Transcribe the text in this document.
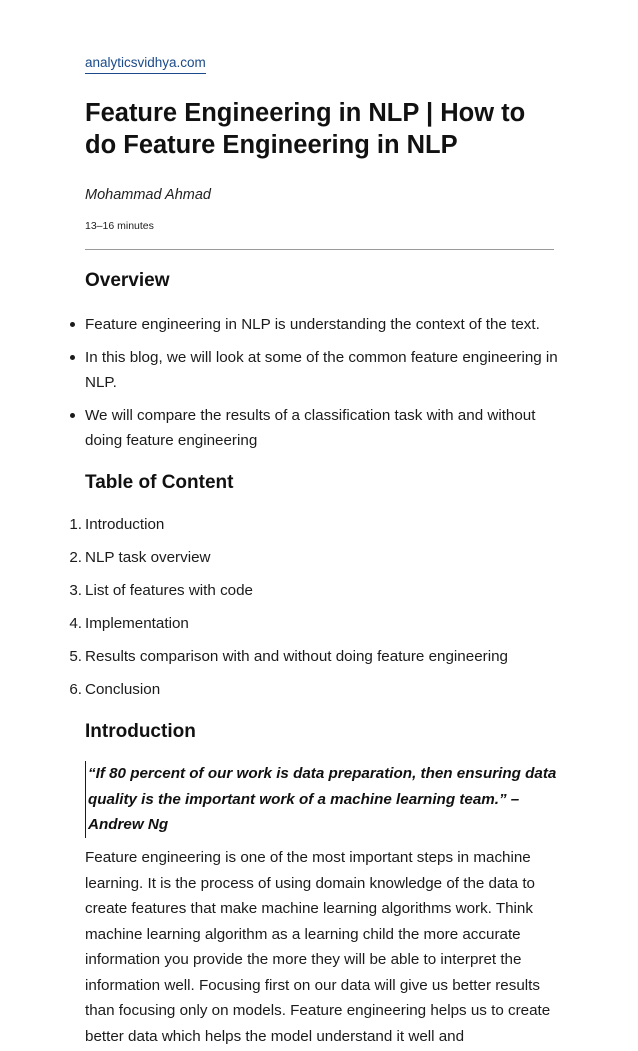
analyticsvidhya.com
Feature Engineering in NLP | How to do Feature Engineering in NLP
Mohammad Ahmad
13–16 minutes
Overview
Feature engineering in NLP is understanding the context of the text.
In this blog, we will look at some of the common feature engineering in NLP.
We will compare the results of a classification task with and without doing feature engineering
Table of Content
1. Introduction
2. NLP task overview
3. List of features with code
4. Implementation
5. Results comparison with and without doing feature engineering
6. Conclusion
Introduction
“If 80 percent of our work is data preparation, then ensuring data quality is the important work of a machine learning team.” – Andrew Ng

Feature engineering is one of the most important steps in machine learning. It is the process of using domain knowledge of the data to create features that make machine learning algorithms work. Think machine learning algorithm as a learning child the more accurate information you provide the more they will be able to interpret the information well. Focusing first on our data will give us better results than focusing only on models. Feature engineering helps us to create better data which helps the model understand it well and
